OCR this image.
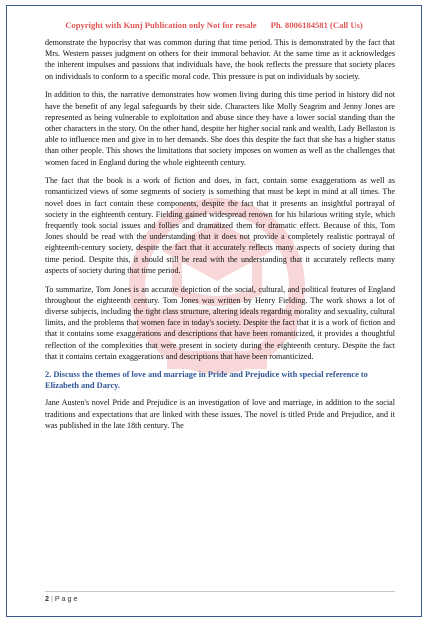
Copyright with Kunj Publication only Not for resale Ph. 8006184581 (Call Us)

demonstrate the hypocrisy that was common during that time period. This is demonstrated by the fact that Mrs. Western passes judgment on others for their immoral behavior. At the same time as it acknowledges the inherent impulses and passions that individuals have, the book reflects the pressure that society places on individuals to conform to a specific moral code. This pressure is put on individuals by society.

In addition to this, the narrative demonstrates how women living during this time period in history did not have the benefit of any legal safeguards by their side. Characters like Molly Seagrim and Jenny Jones are represented as being vulnerable to exploitation and abuse since they have a lower social standing than the other characters in the story. On the other hand, despite her higher social rank and wealth, Lady Bellaston is able to influence men and give in to her demands. She does this despite the fact that she has a higher status than other people. This shows the limitations that society imposes on women as well as the challenges that women faced in England during the whole eighteenth century.

The fact that the book is a work of fiction and does, in fact, contain some exaggerations as well as romanticized views of some segments of society is something that must be kept in mind at all times. The novel does in fact contain these components, despite the fact that it presents an insightful portrayal of society in the eighteenth century. Fielding gained widespread renown for his hilarious writing style, which frequently took social issues and follies and dramatized them for dramatic effect. Because of this, Tom Jones should be read with the understanding that it does not provide a completely realistic portrayal of eighteenth-century society, despite the fact that it accurately reflects many aspects of society during that time period. Despite this, it should still be read with the understanding that it accurately reflects many aspects of society during that time period.

To summarize, Tom Jones is an accurate depiction of the social, cultural, and political features of England throughout the eighteenth century. Tom Jones was written by Henry Fielding. The work shows a lot of diverse subjects, including the tight class structure, altering ideals regarding morality and sexuality, cultural limits, and the problems that women face in today's society. Despite the fact that it is a work of fiction and that it contains some exaggerations and descriptions that have been romanticized, it provides a thoughtful reflection of the complexities that were present in society during the eighteenth century. Despite the fact that it contains certain exaggerations and descriptions that have been romanticized.

2. Discuss the themes of love and marriage in Pride and Prejudice with special reference to Elizabeth and Darcy.

Jane Austen's novel Pride and Prejudice is an investigation of love and marriage, in addition to the social traditions and expectations that are linked with these issues. The novel is titled Pride and Prejudice, and it was published in the late 18th century. The

2 | P a g e
